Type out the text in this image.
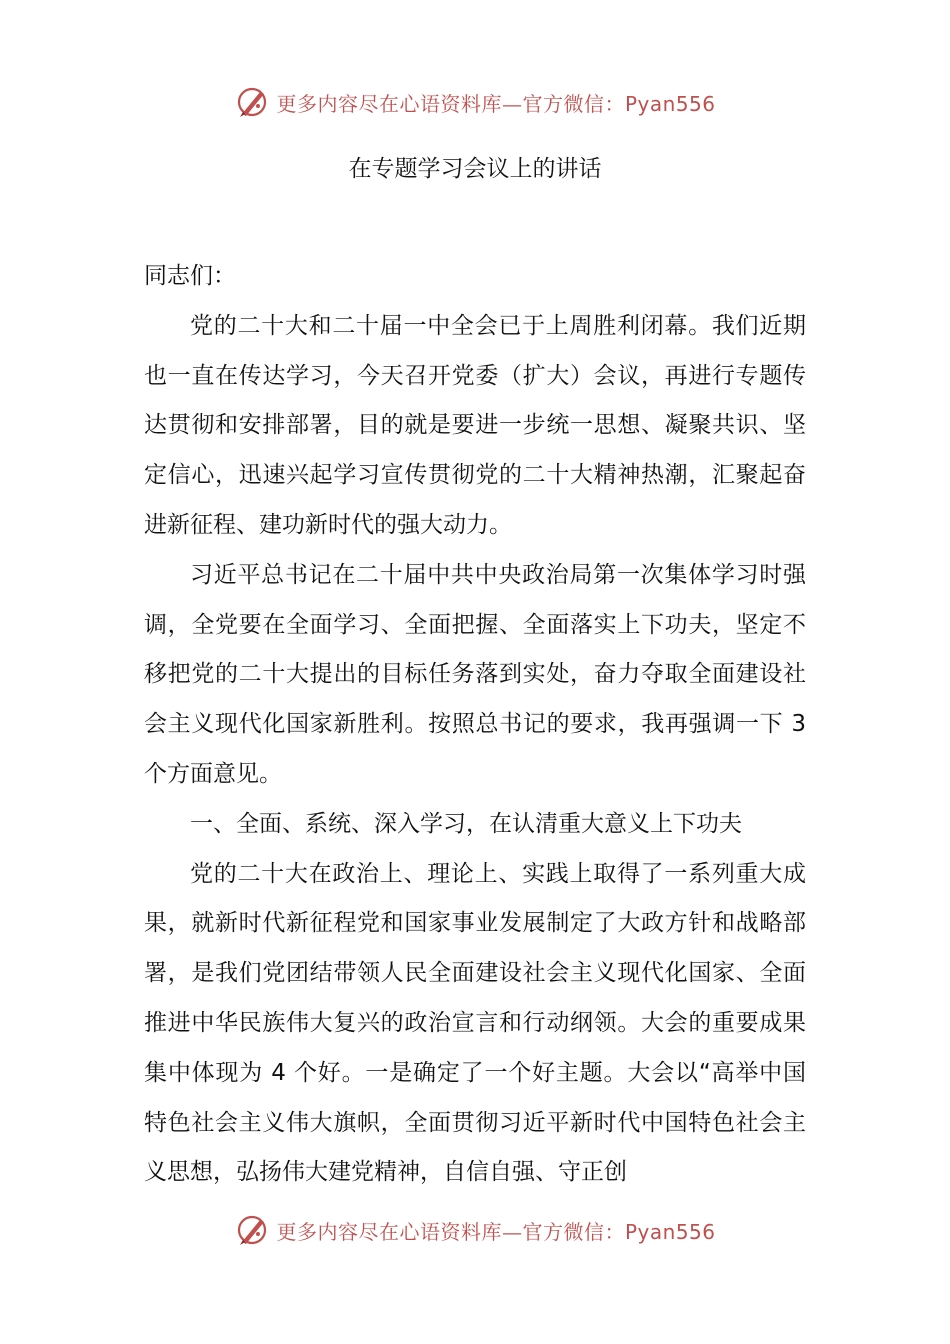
更多内容尽在心语资料库—官方微信：Pyan556
在专题学习会议上的讲话

同志们：

党的二十大和二十届一中全会已于上周胜利闭幕。我们近期也一直在传达学习，今天召开党委（扩大）会议，再进行专题传达贯彻和安排部署，目的就是要进一步统一思想、凝聚共识、坚定信心，迅速兴起学习宣传贯彻党的二十大精神热潮，汇聚起奋进新征程、建功新时代的强大动力。

习近平总书记在二十届中共中央政治局第一次集体学习时强调，全党要在全面学习、全面把握、全面落实上下功夫，坚定不移把党的二十大提出的目标任务落到实处，奋力夺取全面建设社会主义现代化国家新胜利。按照总书记的要求，我再强调一下 3 个方面意见。

一、全面、系统、深入学习，在认清重大意义上下功夫

党的二十大在政治上、理论上、实践上取得了一系列重大成果，就新时代新征程党和国家事业发展制定了大政方针和战略部署，是我们党团结带领人民全面建设社会主义现代化国家、全面推进中华民族伟大复兴的政治宣言和行动纲领。大会的重要成果集中体现为 4 个好。一是确定了一个好主题。大会以“高举中国特色社会主义伟大旗帜，全面贯彻习近平新时代中国特色社会主义思想，弘扬伟大建党精神，自信自强、守正创

更多内容尽在心语资料库—官方微信：Pyan556
